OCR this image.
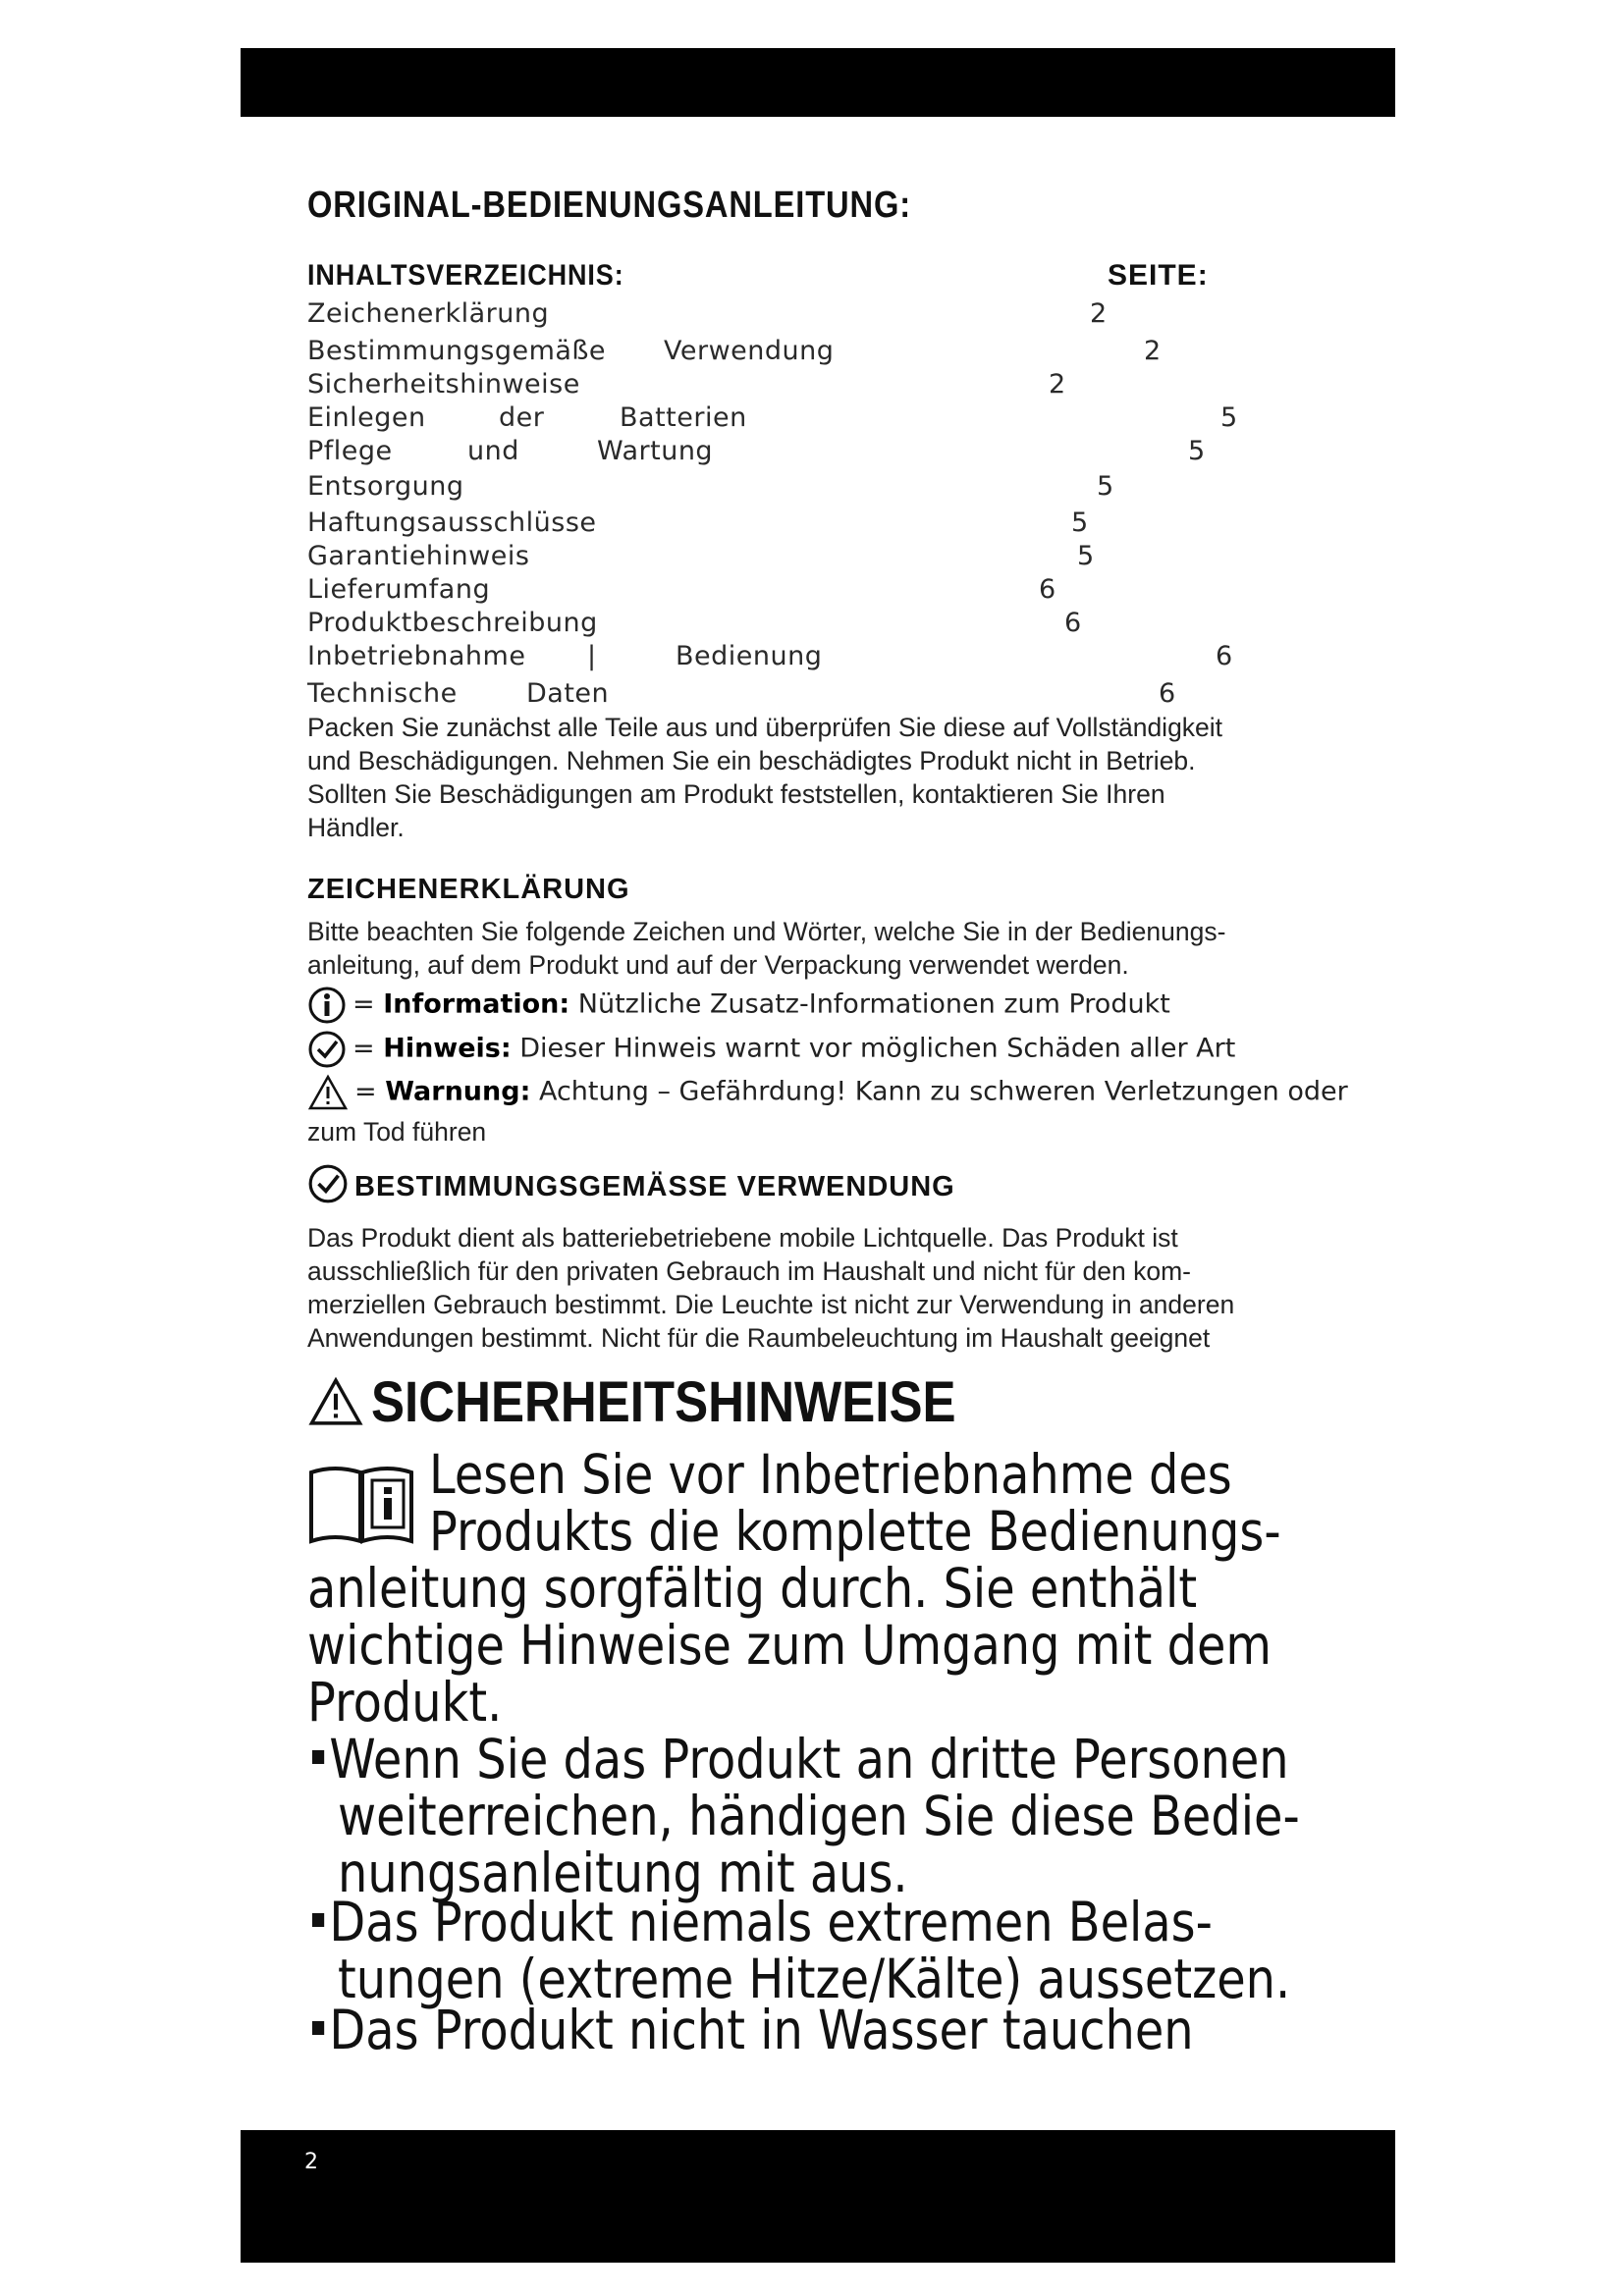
ORIGINAL-BEDIENUNGSANLEITUNG:
INHALTSVERZEICHNIS:	SEITE:
Zeichenerklärung	2
Bestimmungsgemäße Verwendung	2
Sicherheitshinweise	2
Einlegen	der	Batterien	5
Pflege	und	Wartung	5
Entsorgung	5
Haftungsausschlüsse	5
Garantiehinweis	5
Lieferumfang	6
Produktbeschreibung	6
Inbetriebnahme |	Bedienung	6
Technische	Daten	6
Packen Sie zunächst alle Teile aus und überprüfen Sie diese auf Vollständigkeit
und Beschädigungen. Nehmen Sie ein beschädigtes Produkt nicht in Betrieb.
Sollten Sie Beschädigungen am Produkt feststellen, kontaktieren Sie Ihren
Händler.
ZEICHENERKLÄRUNG
Bitte beachten Sie folgende Zeichen und Wörter, welche Sie in der Bedienungs-
anleitung, auf dem Produkt und auf der Verpackung verwendet werden.
= Information: Nützliche Zusatz-Informationen zum Produkt
= Hinweis: Dieser Hinweis warnt vor möglichen Schäden aller Art
= Warnung: Achtung – Gefährdung! Kann zu schweren Verletzungen oder
zum Tod führen
BESTIMMUNGSGEMÄSSE VERWENDUNG
Das Produkt dient als batteriebetriebene mobile Lichtquelle. Das Produkt ist
ausschließlich für den privaten Gebrauch im Haushalt und nicht für den kom-
merziellen Gebrauch bestimmt. Die Leuchte ist nicht zur Verwendung in anderen
Anwendungen bestimmt. Nicht für die Raumbeleuchtung im Haushalt geeignet
SICHERHEITSHINWEISE
Lesen Sie vor Inbetriebnahme des
Produkts die komplette Bedienungs-
anleitung sorgfältig durch. Sie enthält
wichtige Hinweise zum Umgang mit dem
Produkt.
Wenn Sie das Produkt an dritte Personen
weiterreichen, händigen Sie diese Bedie-
nungsanleitung mit aus.
Das Produkt niemals extremen Belas-
tungen (extreme Hitze/Kälte) aussetzen.
Das Produkt nicht in Wasser tauchen
2
